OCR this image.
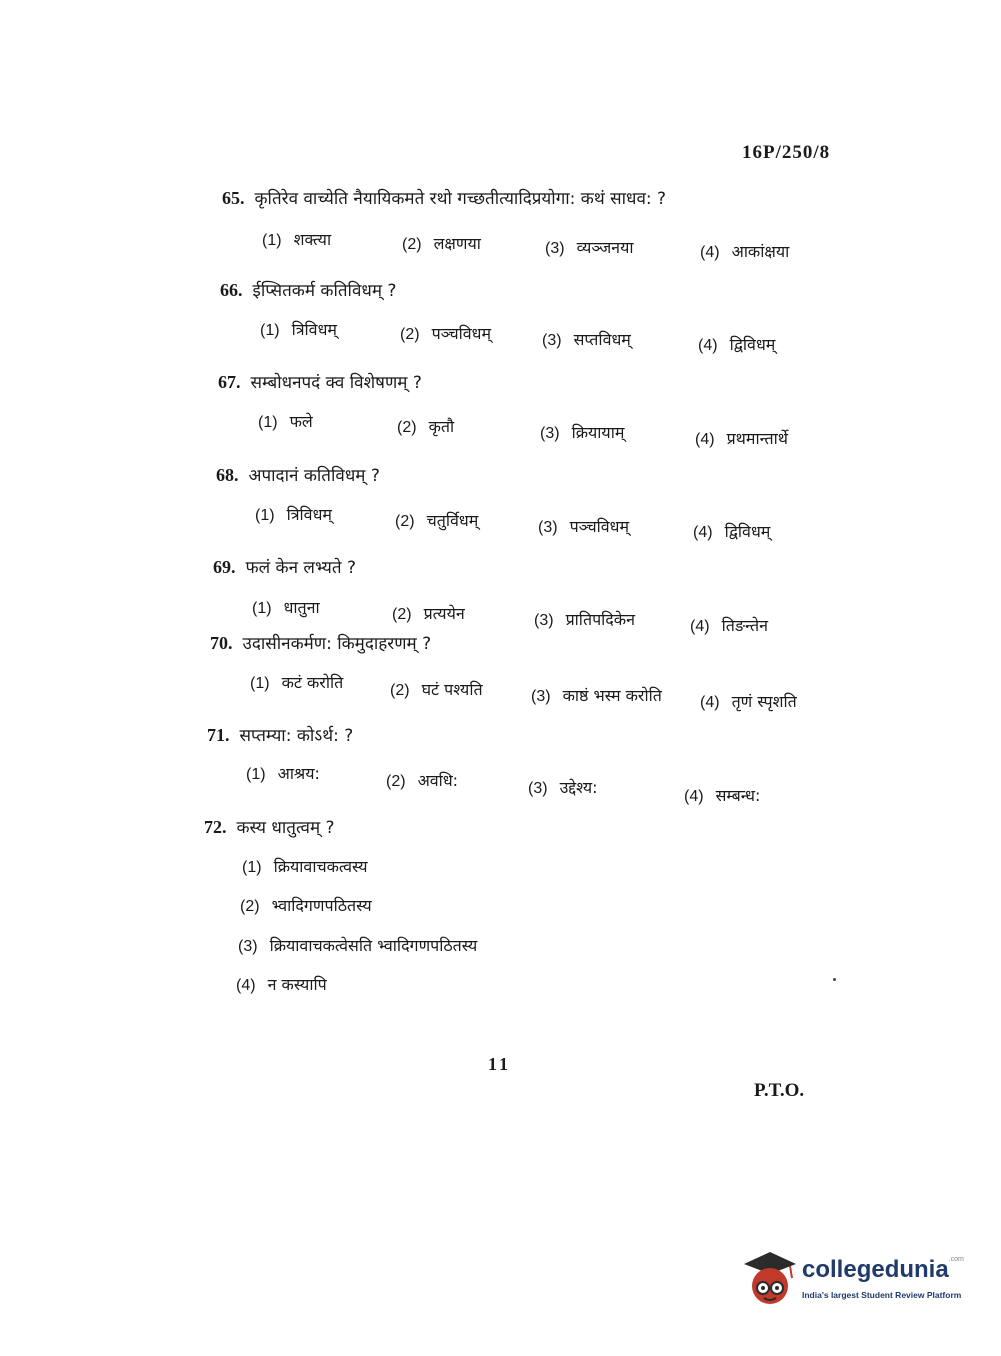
16P/250/8
65. कृतिरेव वाच्येति नैयायिकमते रथो गच्छतीत्यादिप्रयोगा: कथं साधव: ?
(1) शक्त्या	(2) लक्षणया	(3) व्यञ्जनया	(4) आकांक्षया
66. ईप्सितकर्म कतिविधम् ?
(1) त्रिविधम्	(2) पञ्चविधम्	(3) सप्तविधम्	(4) द्विविधम्
67. सम्बोधनपदं क्व विशेषणम् ?
(1) फले	(2) कृतौ	(3) क्रियायाम्	(4) प्रथमान्तार्थे
68. अपादानं कतिविधम् ?
(1) त्रिविधम्	(2) चतुर्विधम्	(3) पञ्चविधम्	(4) द्विविधम्
69. फलं केन लभ्यते ?
(1) धातुना	(2) प्रत्ययेन	(3) प्रातिपदिकेन	(4) तिङन्तेन
70. उदासीनकर्मण: किमुदाहरणम् ?
(1) कटं करोति	(2) घटं पश्यति	(3) काष्ठं भस्म करोति (4) तृणं स्पृशति
71. सप्तम्या: कोऽर्थ: ?
(1) आश्रय:	(2) अवधि:	(3) उद्देश्य:	(4) सम्बन्ध:
72. कस्य धातुत्वम् ?
(1) क्रियावाचकत्वस्य
(2) भ्वादिगणपठितस्य
(3) क्रियावाचकत्वेसति भ्वादिगणपठितस्य
(4) न कस्यापि
11
P.T.O.
collegedunia$^{.com}$
India's largest Student Review Platform
